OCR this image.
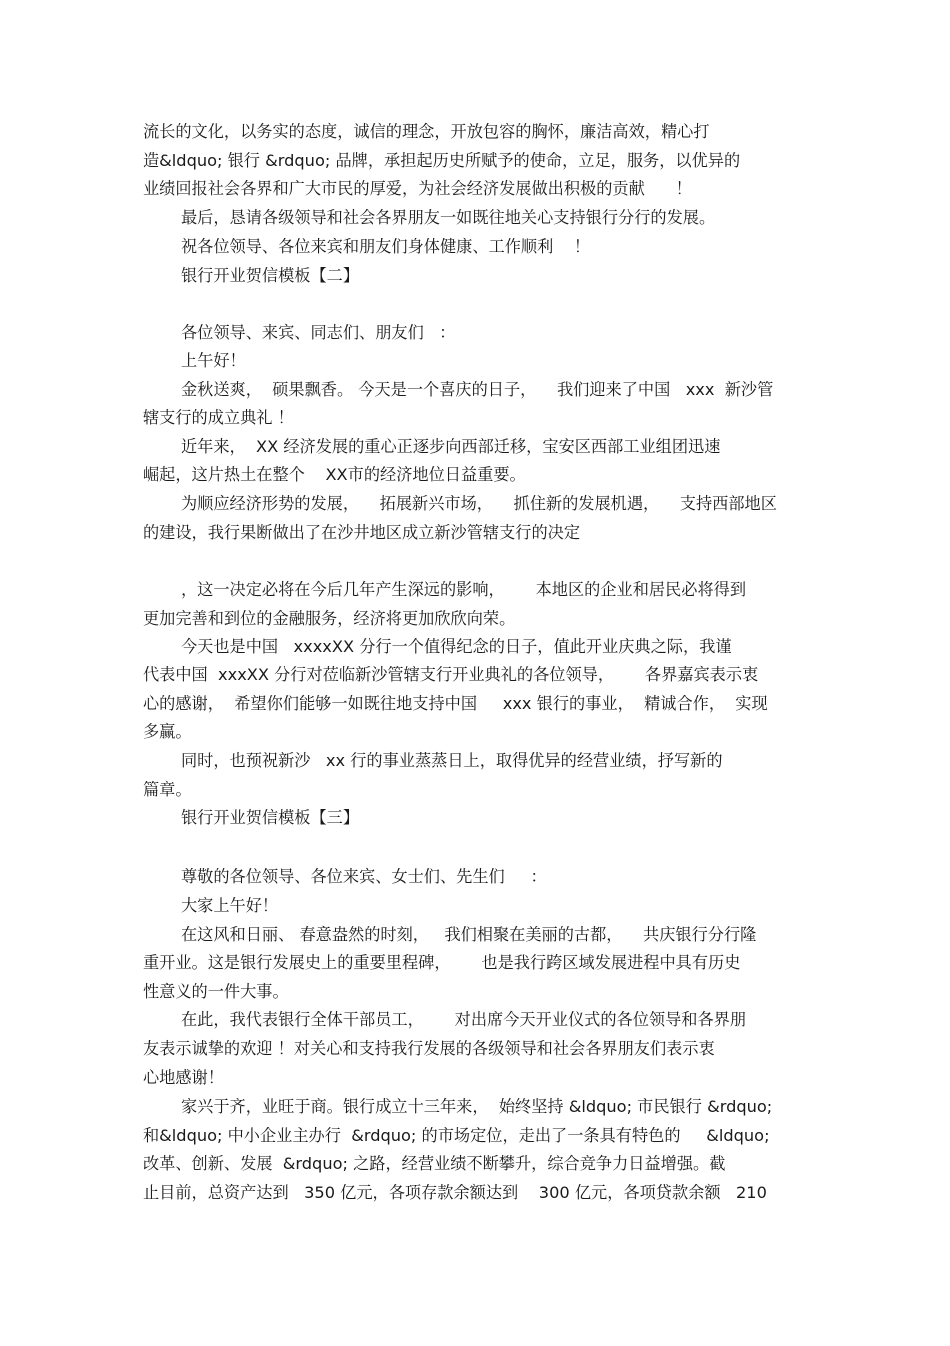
流长的文化，以务实的态度，诚信的理念，开放包容的胸怀，廉洁高效，精心打
造&ldquo; 银行 &rdquo; 品牌，承担起历史所赋予的使命，立足，服务，以优异的
业绩回报社会各界和广大市民的厚爱，为社会经济发展做出积极的贡献      ！
最后，恳请各级领导和社会各界朋友一如既往地关心支持银行分行的发展。
祝各位领导、各位来宾和朋友们身体健康、工作顺利    ！
银行开业贺信模板【二】
各位领导、来宾、同志们、朋友们   ：
上午好！
金秋送爽，  硕果飘香。 今天是一个喜庆的日子，    我们迎来了中国   xxx  新沙管
辖支行的成立典礼 ！
近年来，  XX 经济发展的重心正逐步向西部迁移，宝安区西部工业组团迅速
崛起，这片热土在整个    XX市的经济地位日益重要。
为顺应经济形势的发展，    拓展新兴市场，    抓住新的发展机遇，    支持西部地区
的建设，我行果断做出了在沙井地区成立新沙管辖支行的决定
，这一决定必将在今后几年产生深远的影响，      本地区的企业和居民必将得到
更加完善和到位的金融服务，经济将更加欣欣向荣。
今天也是中国   xxxxXX 分行一个值得纪念的日子，值此开业庆典之际，我谨
代表中国  xxxXX 分行对莅临新沙管辖支行开业典礼的各位领导，      各界嘉宾表示衷
心的感谢，  希望你们能够一如既往地支持中国     xxx 银行的事业，  精诚合作，  实现
多赢。
同时，也预祝新沙   xx 行的事业蒸蒸日上，取得优异的经营业绩，抒写新的
篇章。
银行开业贺信模板【三】
尊敬的各位领导、各位来宾、女士们、先生们     ：
大家上午好！
在这风和日丽、 春意盎然的时刻，   我们相聚在美丽的古都，    共庆银行分行隆
重开业。这是银行发展史上的重要里程碑，      也是我行跨区域发展进程中具有历史
性意义的一件大事。
在此，我代表银行全体干部员工，      对出席今天开业仪式的各位领导和各界朋
友表示诚挚的欢迎 ！对关心和支持我行发展的各级领导和社会各界朋友们表示衷
心地感谢！
家兴于齐，业旺于商。银行成立十三年来，  始终坚持 &ldquo; 市民银行 &rdquo;
和&ldquo; 中小企业主办行  &rdquo; 的市场定位，走出了一条具有特色的     &ldquo;
改革、创新、发展  &rdquo; 之路，经营业绩不断攀升，综合竞争力日益增强。截
止目前，总资产达到   350 亿元，各项存款余额达到    300 亿元，各项贷款余额   210
